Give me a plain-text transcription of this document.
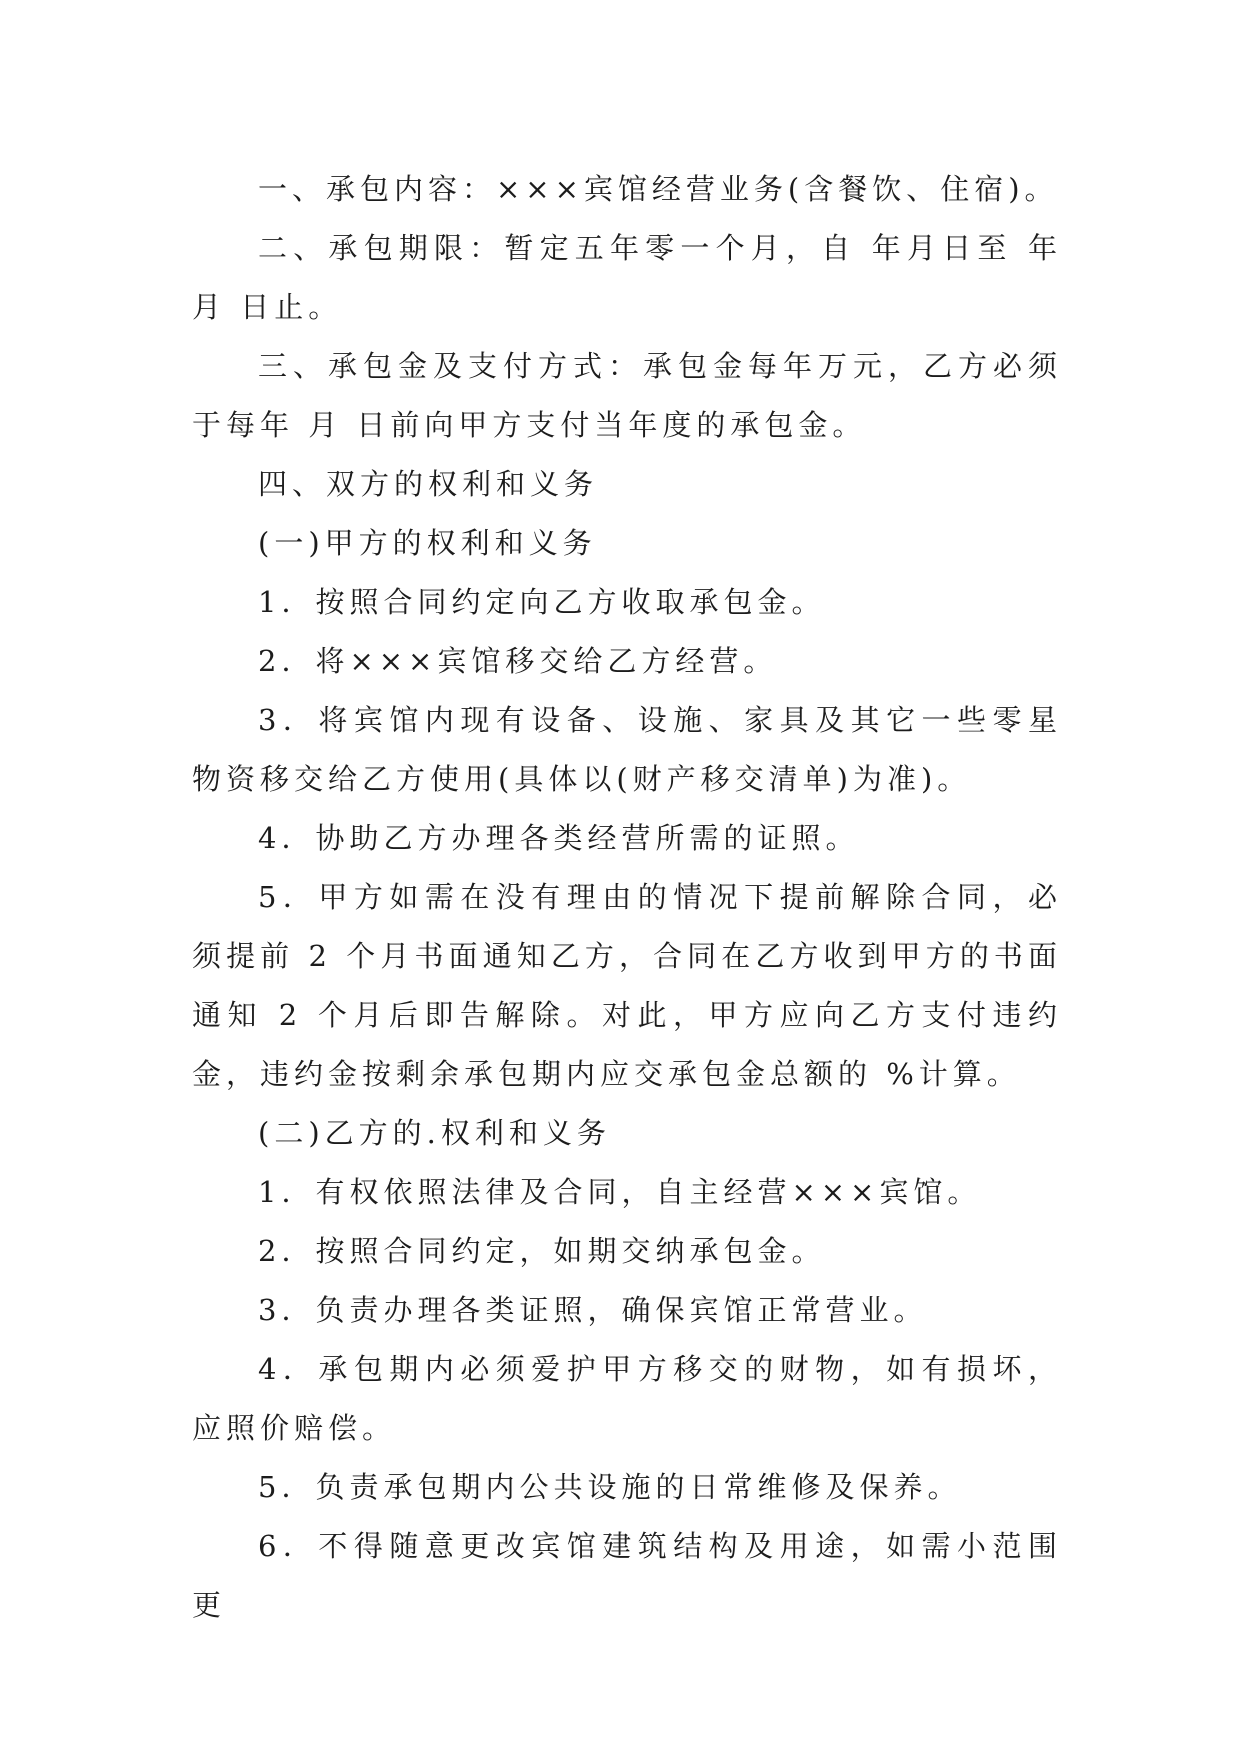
一、承包内容：×××宾馆经营业务(含餐饮、住宿)。

二、承包期限：暂定五年零一个月，自 年月日至 年月 日止。

三、承包金及支付方式：承包金每年万元，乙方必须于每年 月 日前向甲方支付当年度的承包金。

四、双方的权利和义务

(一)甲方的权利和义务

1．按照合同约定向乙方收取承包金。

2．将×××宾馆移交给乙方经营。

3．将宾馆内现有设备、设施、家具及其它一些零星物资移交给乙方使用(具体以(财产移交清单)为准)。

4．协助乙方办理各类经营所需的证照。

5．甲方如需在没有理由的情况下提前解除合同，必须提前 2 个月书面通知乙方，合同在乙方收到甲方的书面通知 2 个月后即告解除。对此，甲方应向乙方支付违约金，违约金按剩余承包期内应交承包金总额的 %计算。

(二)乙方的.权利和义务

1．有权依照法律及合同，自主经营×××宾馆。

2．按照合同约定，如期交纳承包金。

3．负责办理各类证照，确保宾馆正常营业。

4．承包期内必须爱护甲方移交的财物，如有损坏，应照价赔偿。

5．负责承包期内公共设施的日常维修及保养。

6．不得随意更改宾馆建筑结构及用途，如需小范围更
